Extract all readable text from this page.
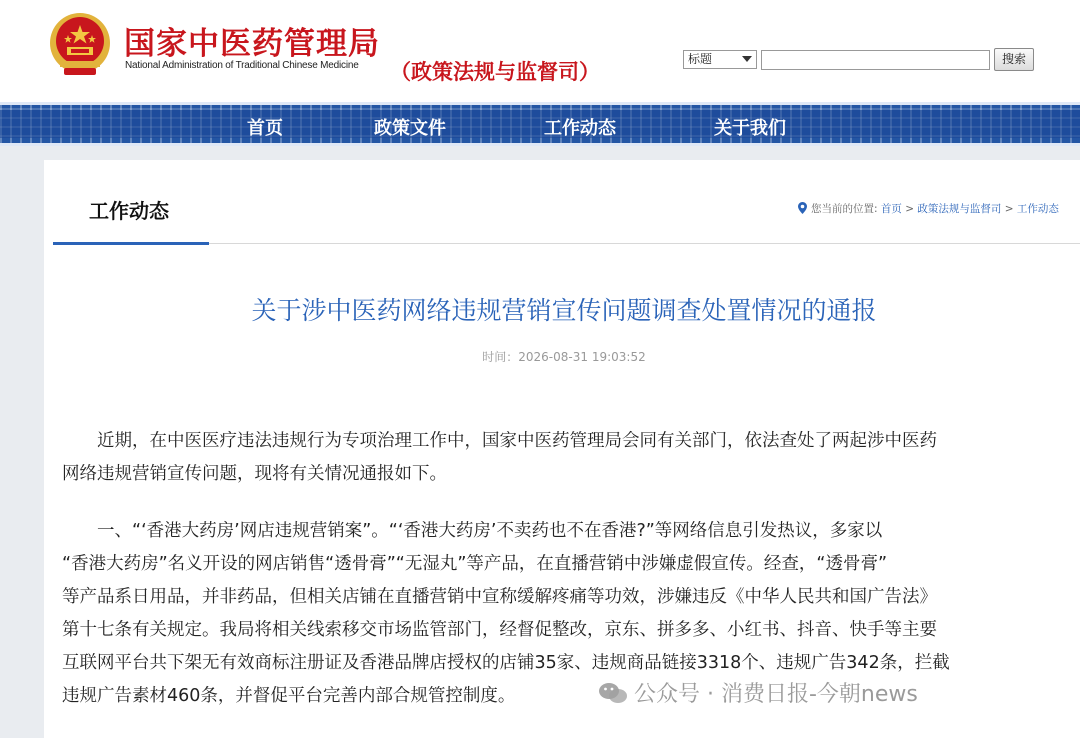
国家中医药管理局
National Administration of Traditional Chinese Medicine （政策法规与监督司）
标题	搜索
首页	政策文件	工作动态	关于我们
工作动态	您当前的位置: 首页 > 政策法规与监督司 > 工作动态
关于涉中医药网络违规营销宣传问题调查处置情况的通报
时间：2026-08-31 19:03:52
　　近期，在中医医疗违法违规行为专项治理工作中，国家中医药管理局会同有关部门，依法查处了两起涉中医药
网络违规营销宣传问题，现将有关情况通报如下。
　　一、“‘香港大药房’网店违规营销案”。“‘香港大药房’不卖药也不在香港?”等网络信息引发热议，多家以
“香港大药房”名义开设的网店销售“透骨膏”“无湿丸”等产品，在直播营销中涉嫌虚假宣传。经查，“透骨膏”
等产品系日用品，并非药品，但相关店铺在直播营销中宣称缓解疼痛等功效，涉嫌违反《中华人民共和国广告法》
第十七条有关规定。我局将相关线索移交市场监管部门，经督促整改，京东、拼多多、小红书、抖音、快手等主要
互联网平台共下架无有效商标注册证及香港品牌店授权的店铺35家、违规商品链接3318个、违规广告342条，拦截
违规广告素材460条，并督促平台完善内部合规管控制度。	公众号 · 消费日报-今朝news
